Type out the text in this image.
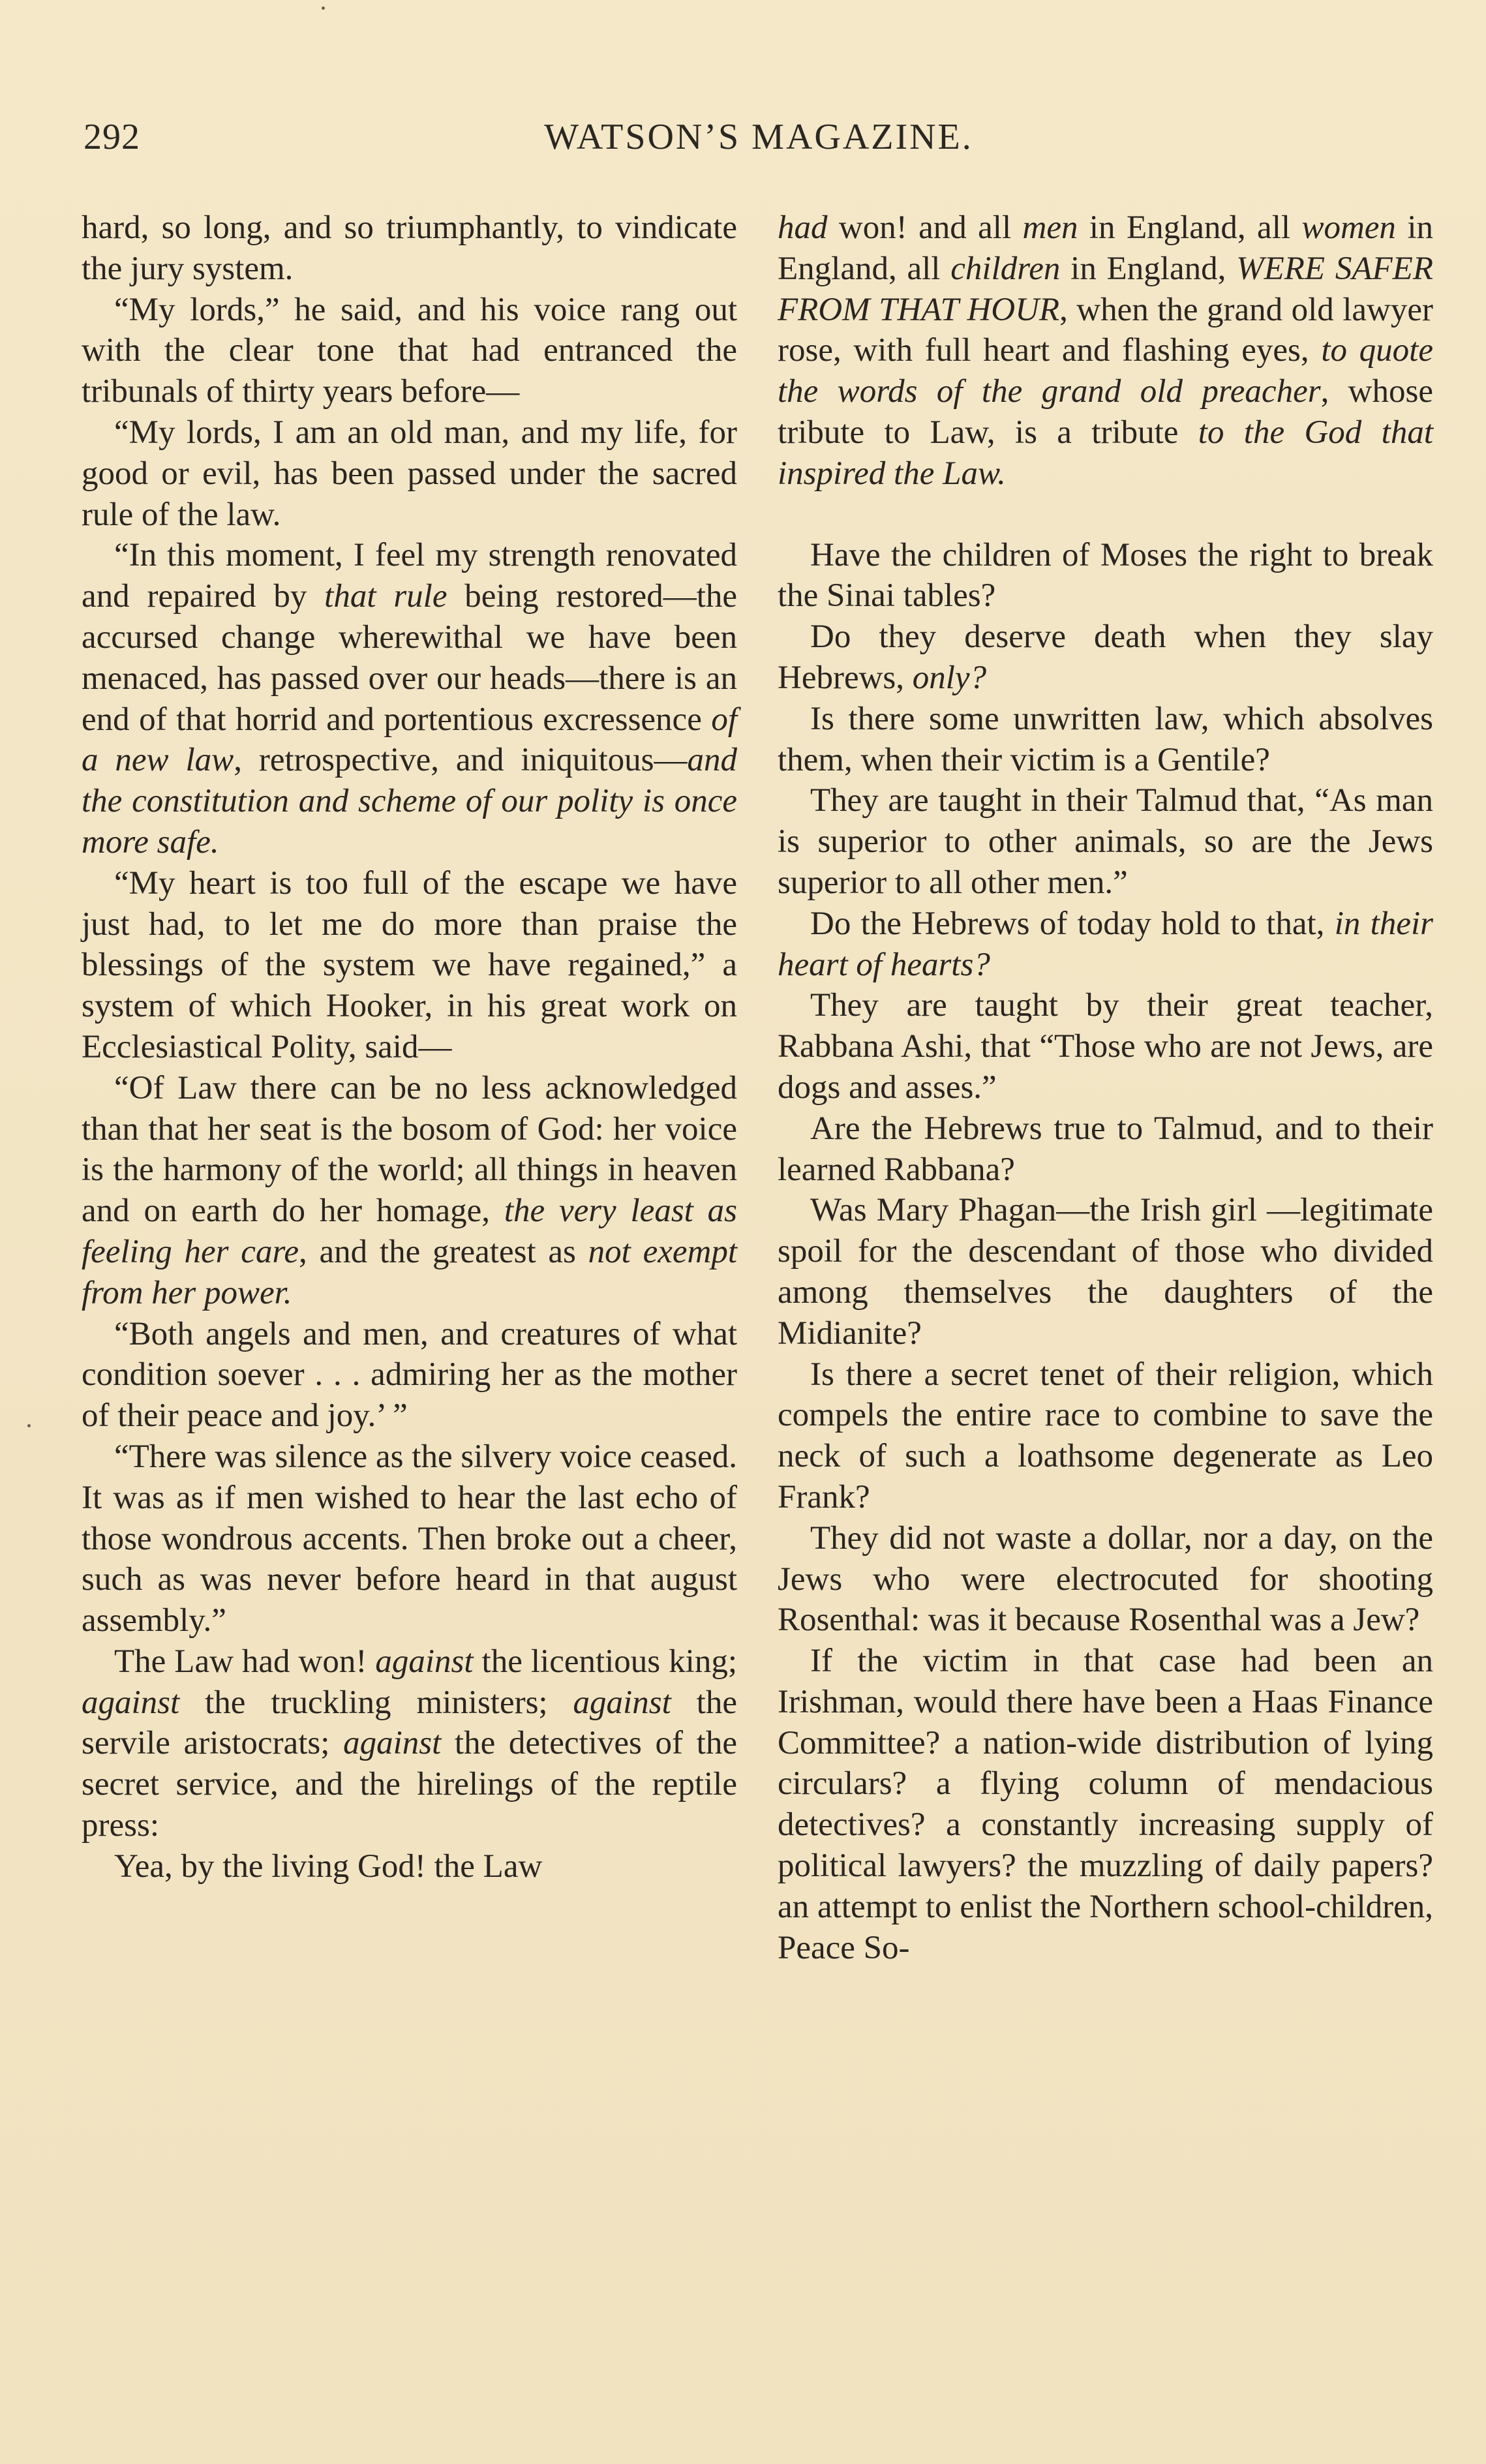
292	WATSON’S MAGAZINE.

hard, so long, and so triumphantly, to vindicate the jury system.

“My lords,” he said, and his voice rang out with the clear tone that had entranced the tribunals of thirty years before—

“My lords, I am an old man, and my life, for good or evil, has been passed under the sacred rule of the law.

“In this moment, I feel my strength renovated and repaired by that rule being restored—the accursed change wherewithal we have been menaced, has passed over our heads—there is an end of that horrid and portentious excressence of a new law, retrospective, and iniquitous—and the constitution and scheme of our polity is once more safe.

“My heart is too full of the escape we have just had, to let me do more than praise the blessings of the system we have regained,” a system of which Hooker, in his great work on Ecclesiastical Polity, said—

“Of Law there can be no less acknowledged than that her seat is the bosom of God: her voice is the harmony of the world; all things in heaven and on earth do her homage, the very least as feeling her care, and the greatest as not exempt from her power.

“Both angels and men, and creatures of what condition soever . . . admiring her as the mother of their peace and joy.’ ”

“There was silence as the silvery voice ceased. It was as if men wished to hear the last echo of those wondrous accents. Then broke out a cheer, such as was never before heard in that august assembly.”

The Law had won! against the licentious king; against the truckling ministers; against the servile aristocrats; against the detectives of the secret service, and the hirelings of the reptile press:

Yea, by the living God! the Law

had won! and all men in England, all women in England, all children in England, WERE SAFER FROM THAT HOUR, when the grand old lawyer rose, with full heart and flashing eyes, to quote the words of the grand old preacher, whose tribute to Law, is a tribute to the God that inspired the Law.

Have the children of Moses the right to break the Sinai tables?

Do they deserve death when they slay Hebrews, only?

Is there some unwritten law, which absolves them, when their victim is a Gentile?

They are taught in their Talmud that, “As man is superior to other animals, so are the Jews superior to all other men.”

Do the Hebrews of today hold to that, in their heart of hearts?

They are taught by their great teacher, Rabbana Ashi, that “Those who are not Jews, are dogs and asses.”

Are the Hebrews true to Talmud, and to their learned Rabbana?

Was Mary Phagan—the Irish girl —legitimate spoil for the descendant of those who divided among themselves the daughters of the Midianite?

Is there a secret tenet of their religion, which compels the entire race to combine to save the neck of such a loathsome degenerate as Leo Frank?

They did not waste a dollar, nor a day, on the Jews who were electrocuted for shooting Rosenthal: was it because Rosenthal was a Jew?

If the victim in that case had been an Irishman, would there have been a Haas Finance Committee? a nation-wide distribution of lying circulars? a flying column of mendacious detectives? a constantly increasing supply of political lawyers? the muzzling of daily papers? an attempt to enlist the Northern school-children, Peace So-
